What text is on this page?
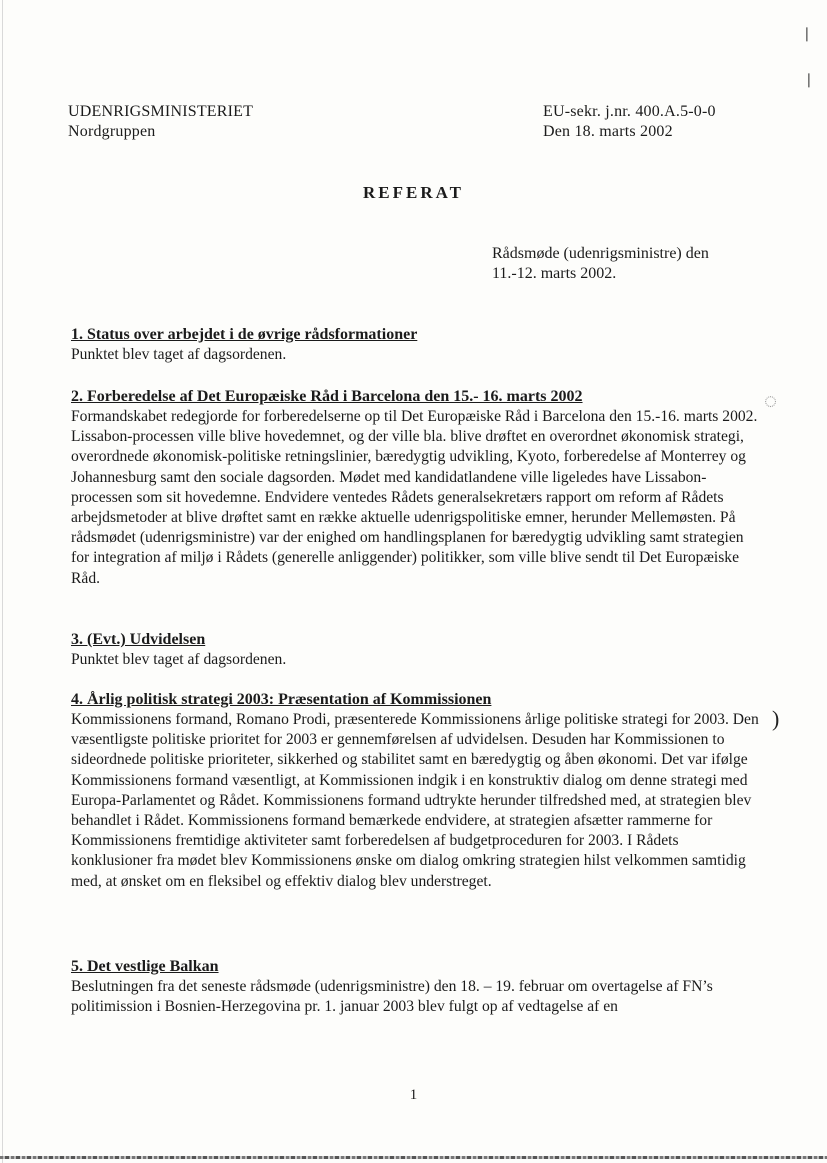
UDENRIGSMINISTERIET
Nordgruppen
EU-sekr. j.nr. 400.A.5-0-0
Den 18. marts 2002
REFERAT
Rådsmøde (udenrigsministre) den
11.-12. marts 2002.
1. Status over arbejdet i de øvrige rådsformationer

Punktet blev taget af dagsordenen.

2. Forberedelse af Det Europæiske Råd i Barcelona den 15.- 16. marts 2002

Formandskabet redegjorde for forberedelserne op til Det Europæiske Råd i Barcelona den 15.-16. marts 2002. Lissabon-processen ville blive hovedemnet, og der ville bla. blive drøftet en overordnet økonomisk strategi, overordnede økonomisk-politiske retningslinier, bæredygtig udvikling, Kyoto, forberedelse af Monterrey og Johannesburg samt den sociale dagsorden. Mødet med kandidatlandene ville ligeledes have Lissabon-processen som sit hovedemne. Endvidere ventedes Rådets generalsekretærs rapport om reform af Rådets arbejdsmetoder at blive drøftet samt en række aktuelle udenrigspolitiske emner, herunder Mellemøsten. På rådsmødet (udenrigsministre) var der enighed om handlingsplanen for bæredygtig udvikling samt strategien for integration af miljø i Rådets (generelle anliggender) politikker, som ville blive sendt til Det Europæiske Råd.

3. (Evt.) Udvidelsen

Punktet blev taget af dagsordenen.

4. Årlig politisk strategi 2003: Præsentation af Kommissionen

Kommissionens formand, Romano Prodi, præsenterede Kommissionens årlige politiske strategi for 2003. Den væsentligste politiske prioritet for 2003 er gennemførelsen af udvidelsen. Desuden har Kommissionen to sideordnede politiske prioriteter, sikkerhed og stabilitet samt en bæredygtig og åben økonomi. Det var ifølge Kommissionens formand væsentligt, at Kommissionen indgik i en konstruktiv dialog om denne strategi med Europa-Parlamentet og Rådet. Kommissionens formand udtrykte herunder tilfredshed med, at strategien blev behandlet i Rådet. Kommissionens formand bemærkede endvidere, at strategien afsætter rammerne for Kommissionens fremtidige aktiviteter samt forberedelsen af budgetproceduren for 2003. I Rådets konklusioner fra mødet blev Kommissionens ønske om dialog omkring strategien hilst velkommen samtidig med, at ønsket om en fleksibel og effektiv dialog blev understreget.

5. Det vestlige Balkan

Beslutningen fra det seneste rådsmøde (udenrigsministre) den 18. – 19. februar om overtagelse af FN’s politimission i Bosnien-Herzegovina pr. 1. januar 2003 blev fulgt op af vedtagelse af en

1
❘
❘
◌
)
